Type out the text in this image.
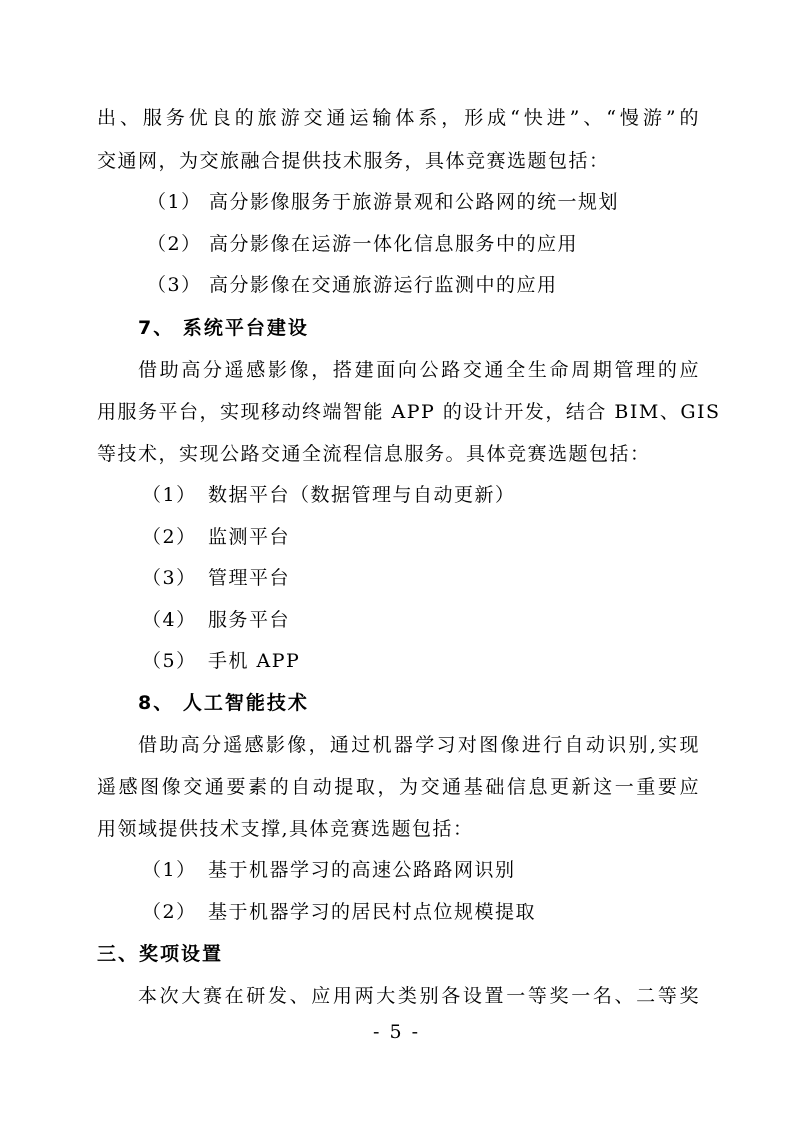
出、服务优良的旅游交通运输体系，形成“快进”、“慢游”的
交通网，为交旅融合提供技术服务，具体竞赛选题包括：
（1） 高分影像服务于旅游景观和公路网的统一规划
（2） 高分影像在运游一体化信息服务中的应用
（3） 高分影像在交通旅游运行监测中的应用
7、 系统平台建设
借助高分遥感影像，搭建面向公路交通全生命周期管理的应
用服务平台，实现移动终端智能 APP 的设计开发，结合 BIM、GIS
等技术，实现公路交通全流程信息服务。具体竞赛选题包括：
（1） 数据平台（数据管理与自动更新）
（2） 监测平台
（3） 管理平台
（4） 服务平台
（5） 手机 APP
8、 人工智能技术
借助高分遥感影像，通过机器学习对图像进行自动识别,实现
遥感图像交通要素的自动提取，为交通基础信息更新这一重要应
用领域提供技术支撑,具体竞赛选题包括：
（1） 基于机器学习的高速公路路网识别
（2） 基于机器学习的居民村点位规模提取
三、奖项设置
本次大赛在研发、应用两大类别各设置一等奖一名、二等奖
- 5 -
